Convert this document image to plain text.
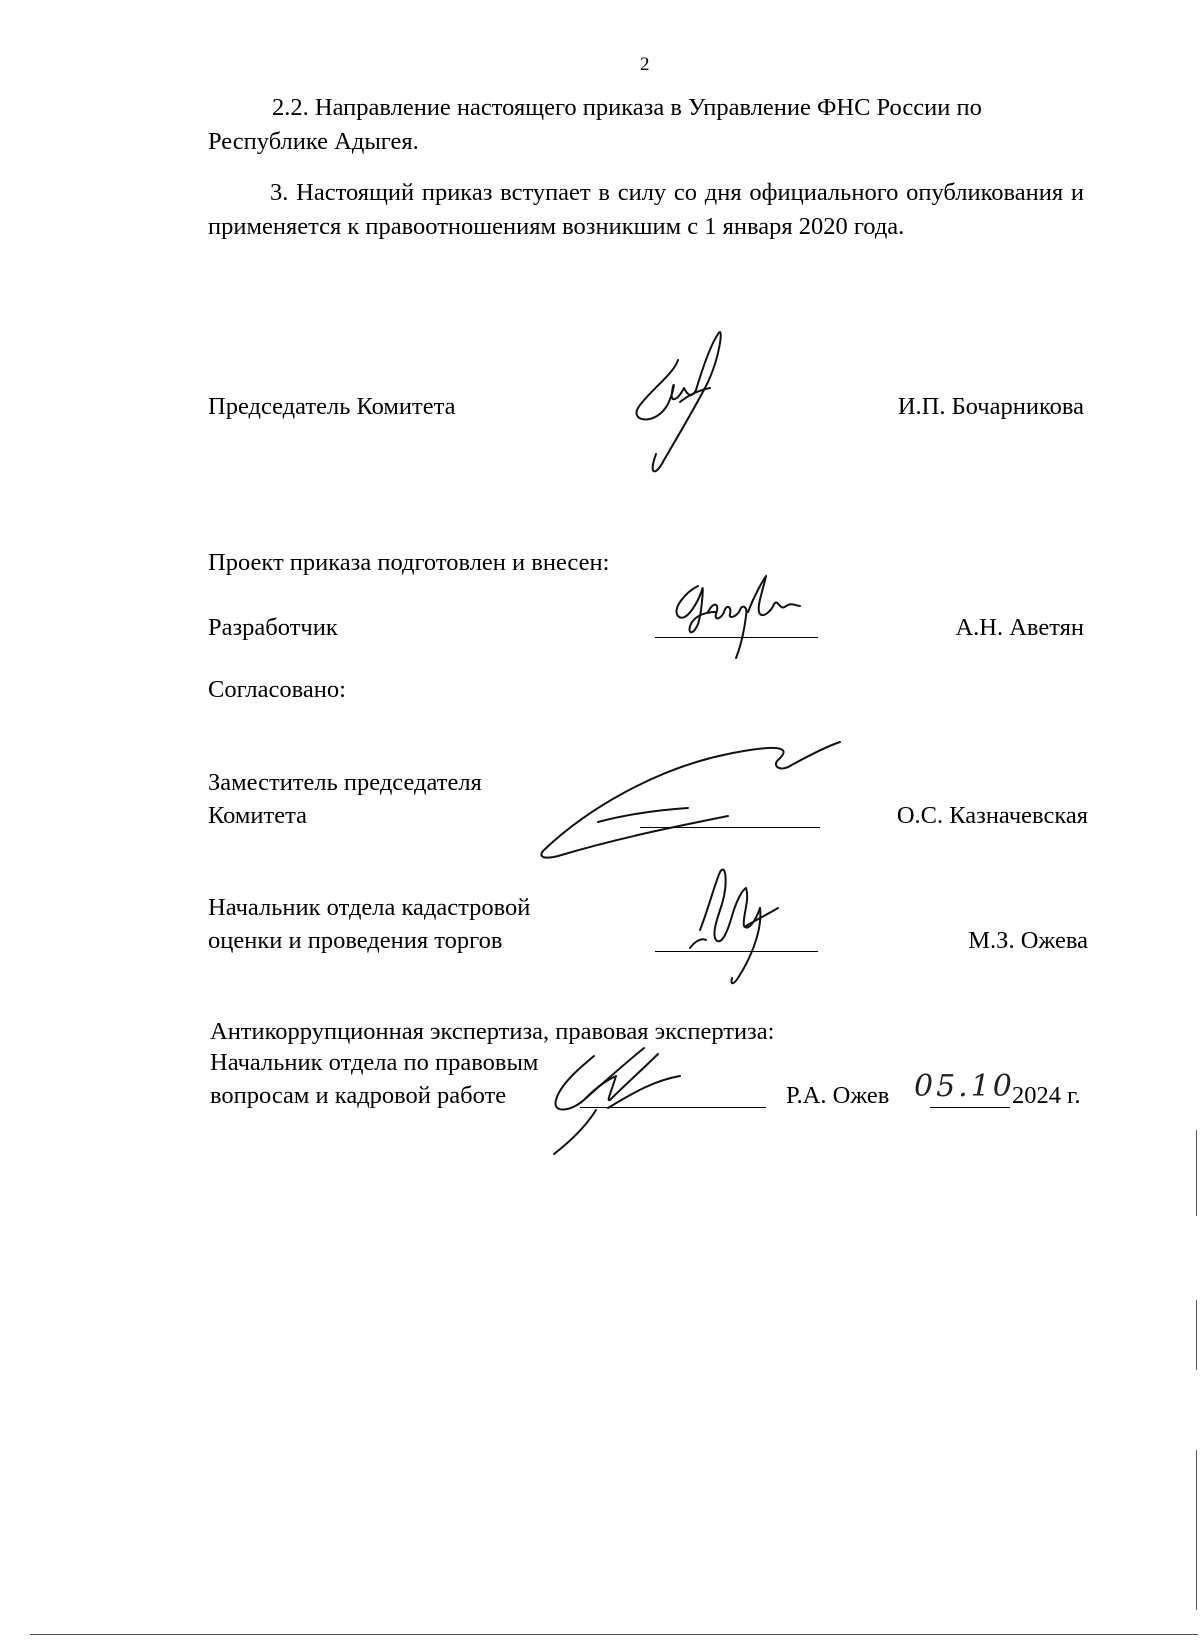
2
2.2. Направление настоящего приказа в Управление ФНС России по
Республике Адыгея.
3. Настоящий приказ вступает в силу со дня официального опубликования и применяется к правоотношениям возникшим с 1 января 2020 года.
Председатель Комитета	И.П. Бочарникова
Проект приказа подготовлен и внесен:
Разработчик	А.Н. Аветян
Согласовано:
Заместитель председателя
Комитета	О.С. Казначевская
Начальник отдела кадастровой
оценки и проведения торгов	М.З. Ожева
Антикоррупционная экспертиза, правовая экспертиза:
Начальник отдела по правовым
вопросам и кадровой работе	Р.А. Ожев 05.10
2024 г.
